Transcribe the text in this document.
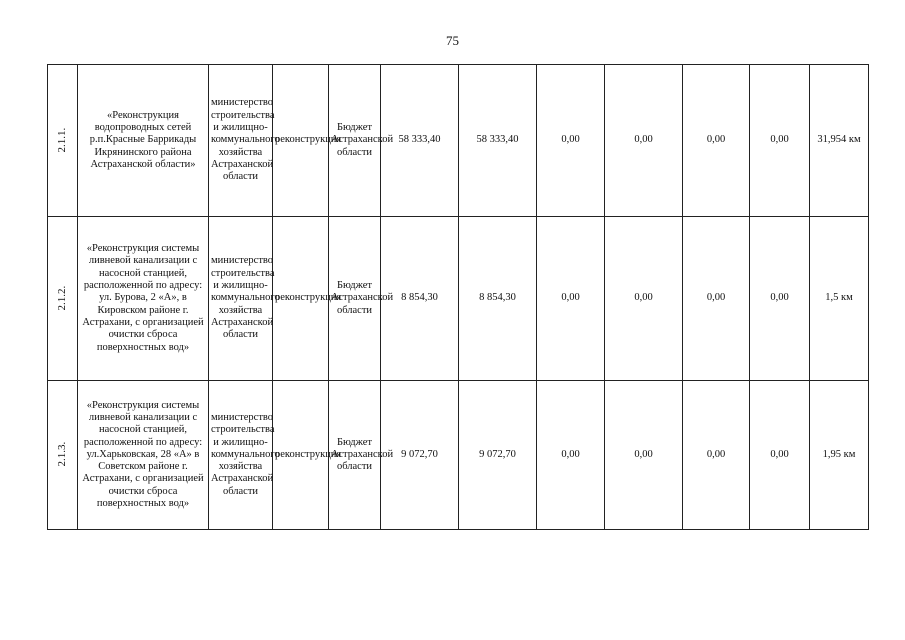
75
2.1.1.	«Реконструкция водопроводных сетей р.п.Красные Баррикады Икрянинского района Астраханской области»	министерство строительства и жилищно-коммунального хозяйства Астраханской области	реконструкция	Бюджет Астраханской области	58 333,40	58 333,40	0,00	0,00	0,00	0,00	31,954 км
2.1.2.	«Реконструкция системы ливневой канализации с насосной станцией, расположенной по адресу: ул. Бурова, 2 «А», в Кировском районе г. Астрахани, с организацией очистки сброса поверхностных вод»	министерство строительства и жилищно-коммунального хозяйства Астраханской области	реконструкция	Бюджет Астраханской области	8 854,30	8 854,30	0,00	0,00	0,00	0,00	1,5 км
2.1.3.	«Реконструкция системы ливневой канализации с насосной станцией, расположенной по адресу: ул.Харьковская, 28 «А» в Советском районе г. Астрахани, с организацией очистки сброса поверхностных вод»	министерство строительства и жилищно-коммунального хозяйства Астраханской области	реконструкция	Бюджет Астраханской области	9 072,70	9 072,70	0,00	0,00	0,00	0,00	1,95 км
